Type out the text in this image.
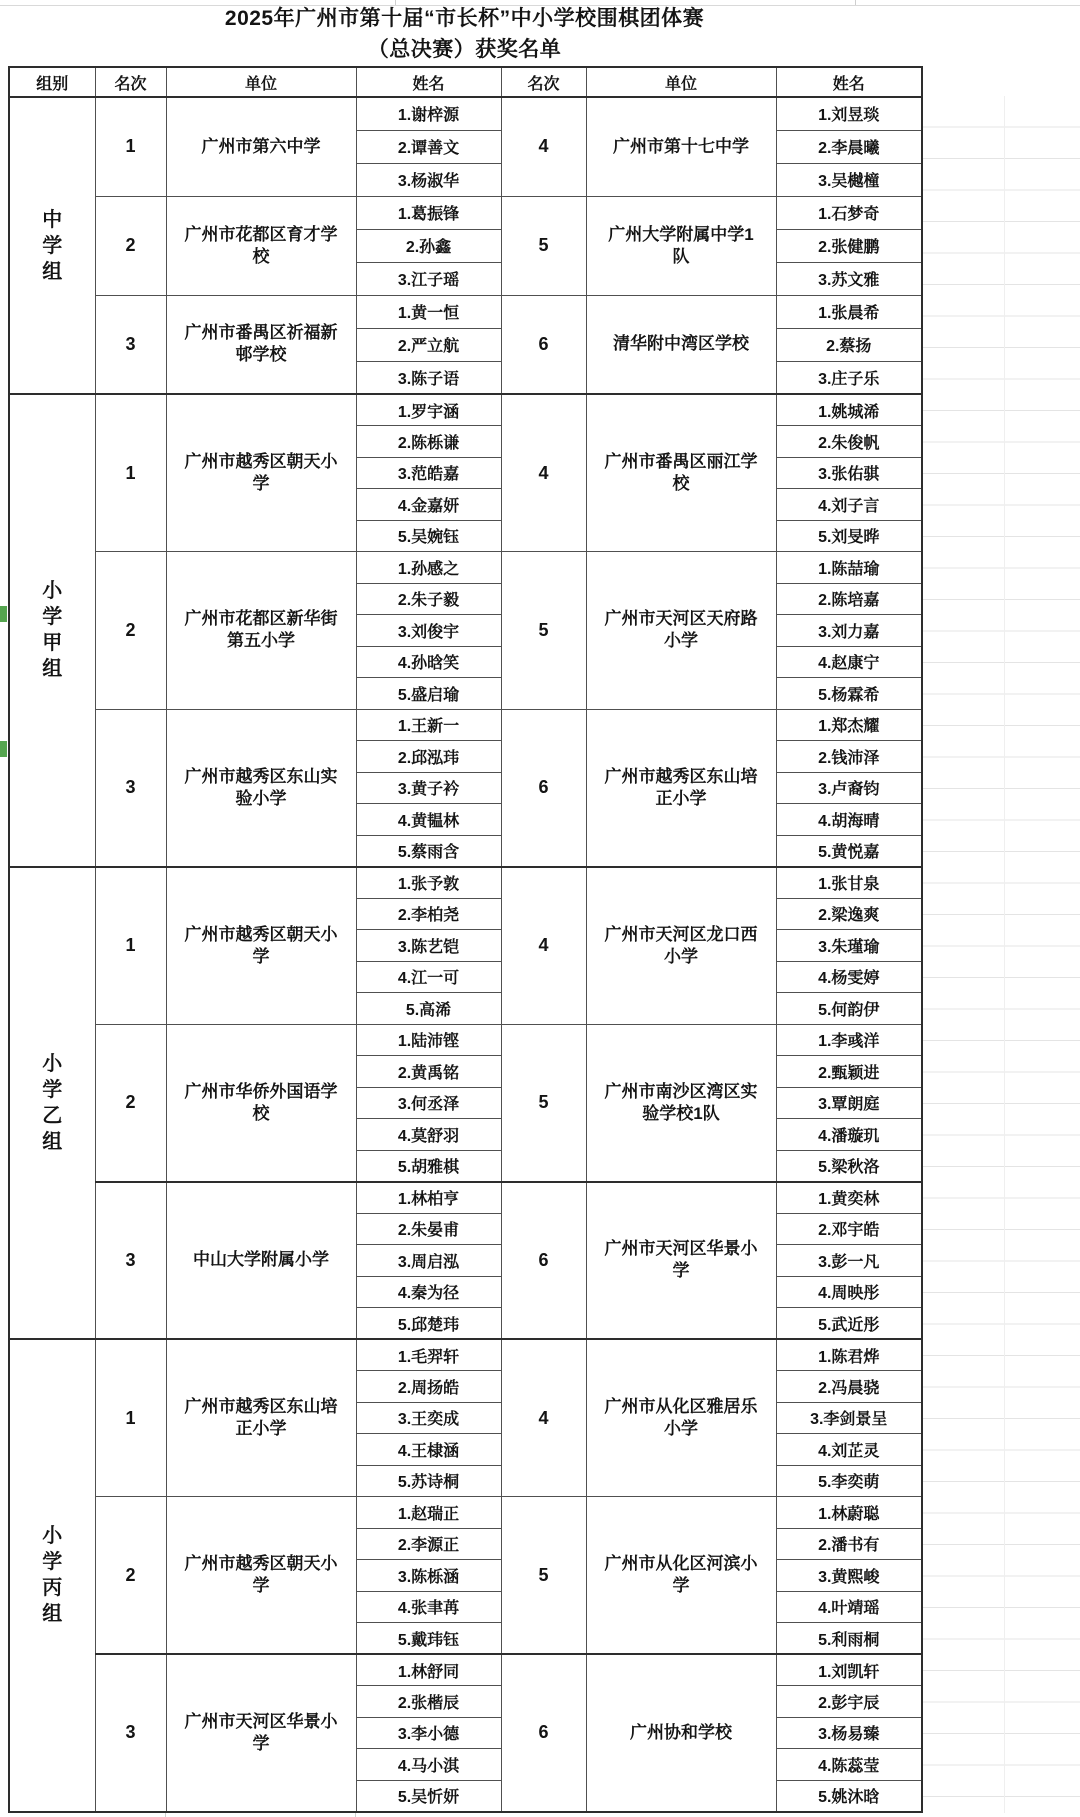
2025年广州市第十届“市长杯”中小学校围棋团体赛
（总决赛）获奖名单
组别	名次	单位	姓名	名次	单位	姓名

中
学
组	1	广州市第六中学	1.谢梓源	4	广州市第十七中学	1.刘昱琰
			2.谭善文			2.李晨曦
			3.杨淑华			3.吴樾橦
	2	广州市花都区育才学校	1.葛振锋	5	广州大学附属中学1队	1.石梦奇
			2.孙鑫			2.张健鹏
			3.江子瑶			3.苏文雅
	3	广州市番禺区祈福新邨学校	1.黄一恒	6	清华附中湾区学校	1.张晨希
			2.严立航			2.蔡扬
			3.陈子语			3.庄子乐

小
学
甲
组	1	广州市越秀区朝天小学	1.罗宇涵	4	广州市番禺区丽江学校	1.姚城浠
			2.陈栎谦			2.朱俊帆
			3.范皓嘉			3.张佑骐
			4.金嘉妍			4.刘子言
			5.吴婉钰			5.刘旻晔
	2	广州市花都区新华街第五小学	1.孙感之	5	广州市天河区天府路小学	1.陈喆瑜
			2.朱子毅			2.陈培嘉
			3.刘俊宇			3.刘力嘉
			4.孙晗笑			4.赵康宁
			5.盛启瑜			5.杨霖希
	3	广州市越秀区东山实验小学	1.王新一	6	广州市越秀区东山培正小学	1.郑杰耀
			2.邱泓玮			2.钱沛泽
			3.黄子衿			3.卢裔钧
			4.黄韫林			4.胡海晴
			5.蔡雨含			5.黄悦嘉

小
学
乙
组	1	广州市越秀区朝天小学	1.张予敦	4	广州市天河区龙口西小学	1.张甘泉
			2.李柏尧			2.梁逸爽
			3.陈艺铠			3.朱瑾瑜
			4.江一可			4.杨雯婷
			5.高浠			5.何韵伊
	2	广州市华侨外国语学校	1.陆沛铿	5	广州市南沙区湾区实验学校1队	1.李彧洋
			2.黄禹铭			2.甄颖进
			3.何丞泽			3.覃朗庭
			4.莫舒羽			4.潘璇玑
			5.胡雅棋			5.梁秋洛
	3	中山大学附属小学	1.林柏亨	6	广州市天河区华景小学	1.黄奕林
			2.朱晏甫			2.邓宇皓
			3.周启泓			3.彭一凡
			4.秦为径			4.周映彤
			5.邱楚玮			5.武近彤

小
学
丙
组	1	广州市越秀区东山培正小学	1.毛羿轩	4	广州市从化区雅居乐小学	1.陈君烨
			2.周扬皓			2.冯晨骁
			3.王奕成			3.李剑景呈
			4.王棣涵			4.刘芷灵
			5.苏诗桐			5.李奕萌
	2	广州市越秀区朝天小学	1.赵瑞正	5	广州市从化区河滨小学	1.林蔚聪
			2.李源正			2.潘书有
			3.陈栎涵			3.黄熙峻
			4.张聿苒			4.叶靖瑶
			5.戴玮钰			5.利雨桐
	3	广州市天河区华景小学	1.林舒同	6	广州协和学校	1.刘凯轩
			2.张楷辰			2.彭宇辰
			3.李小德			3.杨易臻
			4.马小淇			4.陈蕊莹
			5.吴忻妍			5.姚沐晗
